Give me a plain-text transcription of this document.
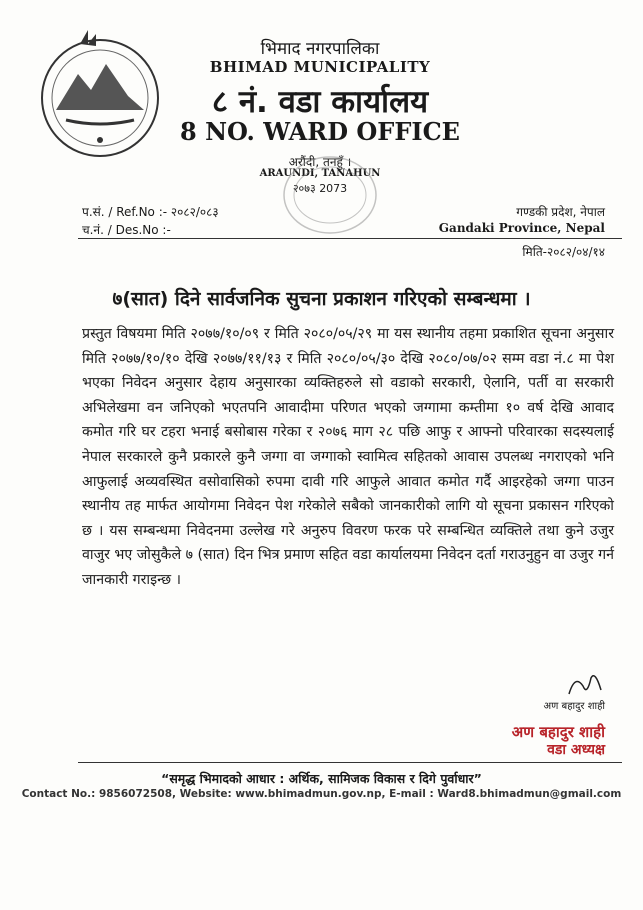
भिमाद नगरपालिका
BHIMAD MUNICIPALITY
८ नं. वडा कार्यालय
8 NO. WARD OFFICE
अरौंदी, तनहुँ ।
ARAUNDI, TANAHUN
२०७३ 2073
प.सं. / Ref.No :- २०८२/०८३
च.नं. / Des.No :-
गण्डकी प्रदेश, नेपाल
Gandaki Province, Nepal
मिति-२०८२/०४/१४
७(सात) दिने सार्वजनिक सुचना प्रकाशन गरिएको सम्बन्धमा ।
प्रस्तुत विषयमा मिति २०७७/१०/०९ र मिति २०८०/०५/२९ मा यस स्थानीय तहमा प्रकाशित सूचना अनुसार मिति २०७७/१०/१० देखि २०७७/११/१३ र मिति २०८०/०५/३० देखि २०८०/०७/०२ सम्म वडा नं.८ मा पेश भएका निवेदन अनुसार देहाय अनुसारका व्यक्तिहरुले सो वडाको सरकारी, ऐलानि, पर्ती वा सरकारी अभिलेखमा वन जनिएको भएतपनि आवादीमा परिणत भएको जग्गामा कम्तीमा १० वर्ष देखि आवाद कमोत गरि घर टहरा भनाई बसोबास गरेका र २०७६ माग २८ पछि आफु र आफ्नो परिवारका सदस्यलाई नेपाल सरकारले कुनै प्रकारले कुनै जग्गा वा जग्गाको स्वामित्व सहितको आवास उपलब्ध नगराएको भनि आफुलाई अव्यवस्थित वसोवासिको रुपमा दावी गरि आफुले आवात कमोत गर्दै आइरहेको जग्गा पाउन स्थानीय तह मार्फत आयोगमा निवेदन पेश गरेकोले सबैको जानकारीको लागि यो सूचना प्रकासन गरिएको छ । यस सम्बन्धमा निवेदनमा उल्लेख गरे अनुरुप विवरण फरक परे सम्बन्धित व्यक्तिले तथा कुने उजुर वाजुर भए जोसुकैले ७ (सात) दिन भित्र प्रमाण सहित वडा कार्यालयमा निवेदन दर्ता गराउनुहुन वा उजुर गर्न जानकारी गराइन्छ ।
अण बहादुर शाही
अण बहादुर शाही
वडा अध्यक्ष
“समृद्ध भिमादको आधार : अर्थिक, सामिजक विकास र दिगे पुर्वाधार”
Contact No.: 9856072508, Website: www.bhimadmun.gov.np, E-mail : Ward8.bhimadmun@gmail.com
